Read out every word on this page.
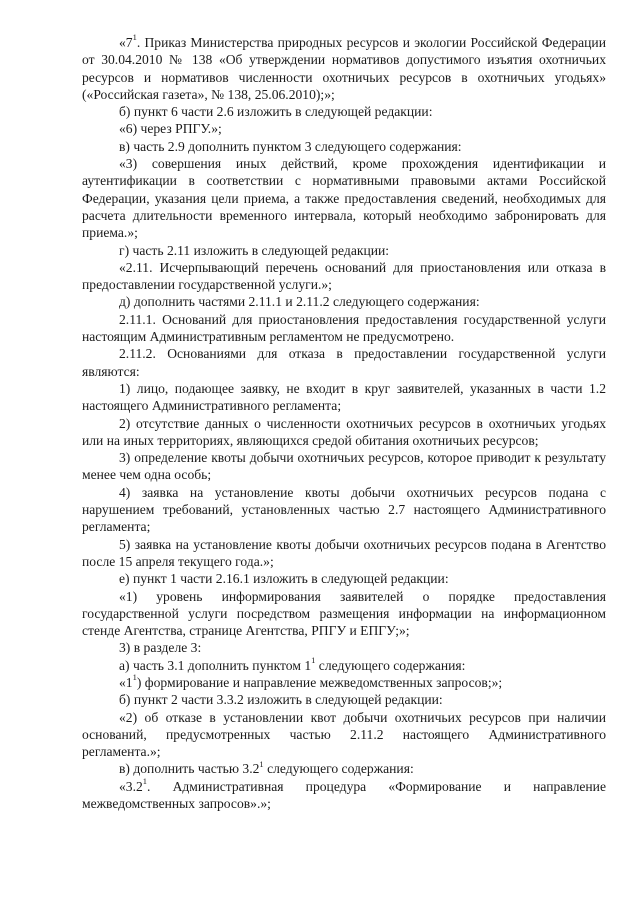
«$7^1$. Приказ Министерства природных ресурсов и экологии Российской Федерации от 30.04.2010 № 138 «Об утверждении нормативов допустимого изъятия охотничьих ресурсов и нормативов численности охотничьих ресурсов в охотничьих угодьях» («Российская газета», № 138, 25.06.2010);»;

б) пункт 6 части 2.6 изложить в следующей редакции:

«6) через РПГУ.»;

в) часть 2.9 дополнить пунктом 3 следующего содержания:

«3) совершения иных действий, кроме прохождения идентификации и аутентификации в соответствии с нормативными правовыми актами Российской Федерации, указания цели приема, а также предоставления сведений, необходимых для расчета длительности временного интервала, который необходимо забронировать для приема.»;

г) часть 2.11 изложить в следующей редакции:

«2.11. Исчерпывающий перечень оснований для приостановления или отказа в предоставлении государственной услуги.»;

д) дополнить частями 2.11.1 и 2.11.2 следующего содержания:

2.11.1. Оснований для приостановления предоставления государственной услуги настоящим Административным регламентом не предусмотрено.

2.11.2. Основаниями для отказа в предоставлении государственной услуги являются:

1) лицо, подающее заявку, не входит в круг заявителей, указанных в части 1.2 настоящего Административного регламента;

2) отсутствие данных о численности охотничьих ресурсов в охотничьих угодьях или на иных территориях, являющихся средой обитания охотничьих ресурсов;

3) определение квоты добычи охотничьих ресурсов, которое приводит к результату менее чем одна особь;

4) заявка на установление квоты добычи охотничьих ресурсов подана с нарушением требований, установленных частью 2.7 настоящего Административного регламента;

5) заявка на установление квоты добычи охотничьих ресурсов подана в Агентство после 15 апреля текущего года.»;

е) пункт 1 части 2.16.1 изложить в следующей редакции:

«1) уровень информирования заявителей о порядке предоставления государственной услуги посредством размещения информации на информационном стенде Агентства, странице Агентства, РПГУ и ЕПГУ;»;

3) в разделе 3:

а) часть 3.1 дополнить пунктом $1^1$ следующего содержания:

«$1^1$) формирование и направление межведомственных запросов;»;

б) пункт 2 части 3.3.2 изложить в следующей редакции:

«2) об отказе в установлении квот добычи охотничьих ресурсов при наличии оснований, предусмотренных частью 2.11.2 настоящего Административного регламента.»;

в) дополнить частью $3.2^1$ следующего содержания:

«$3.2^1$. Административная процедура «Формирование и направление межведомственных запросов».»;
